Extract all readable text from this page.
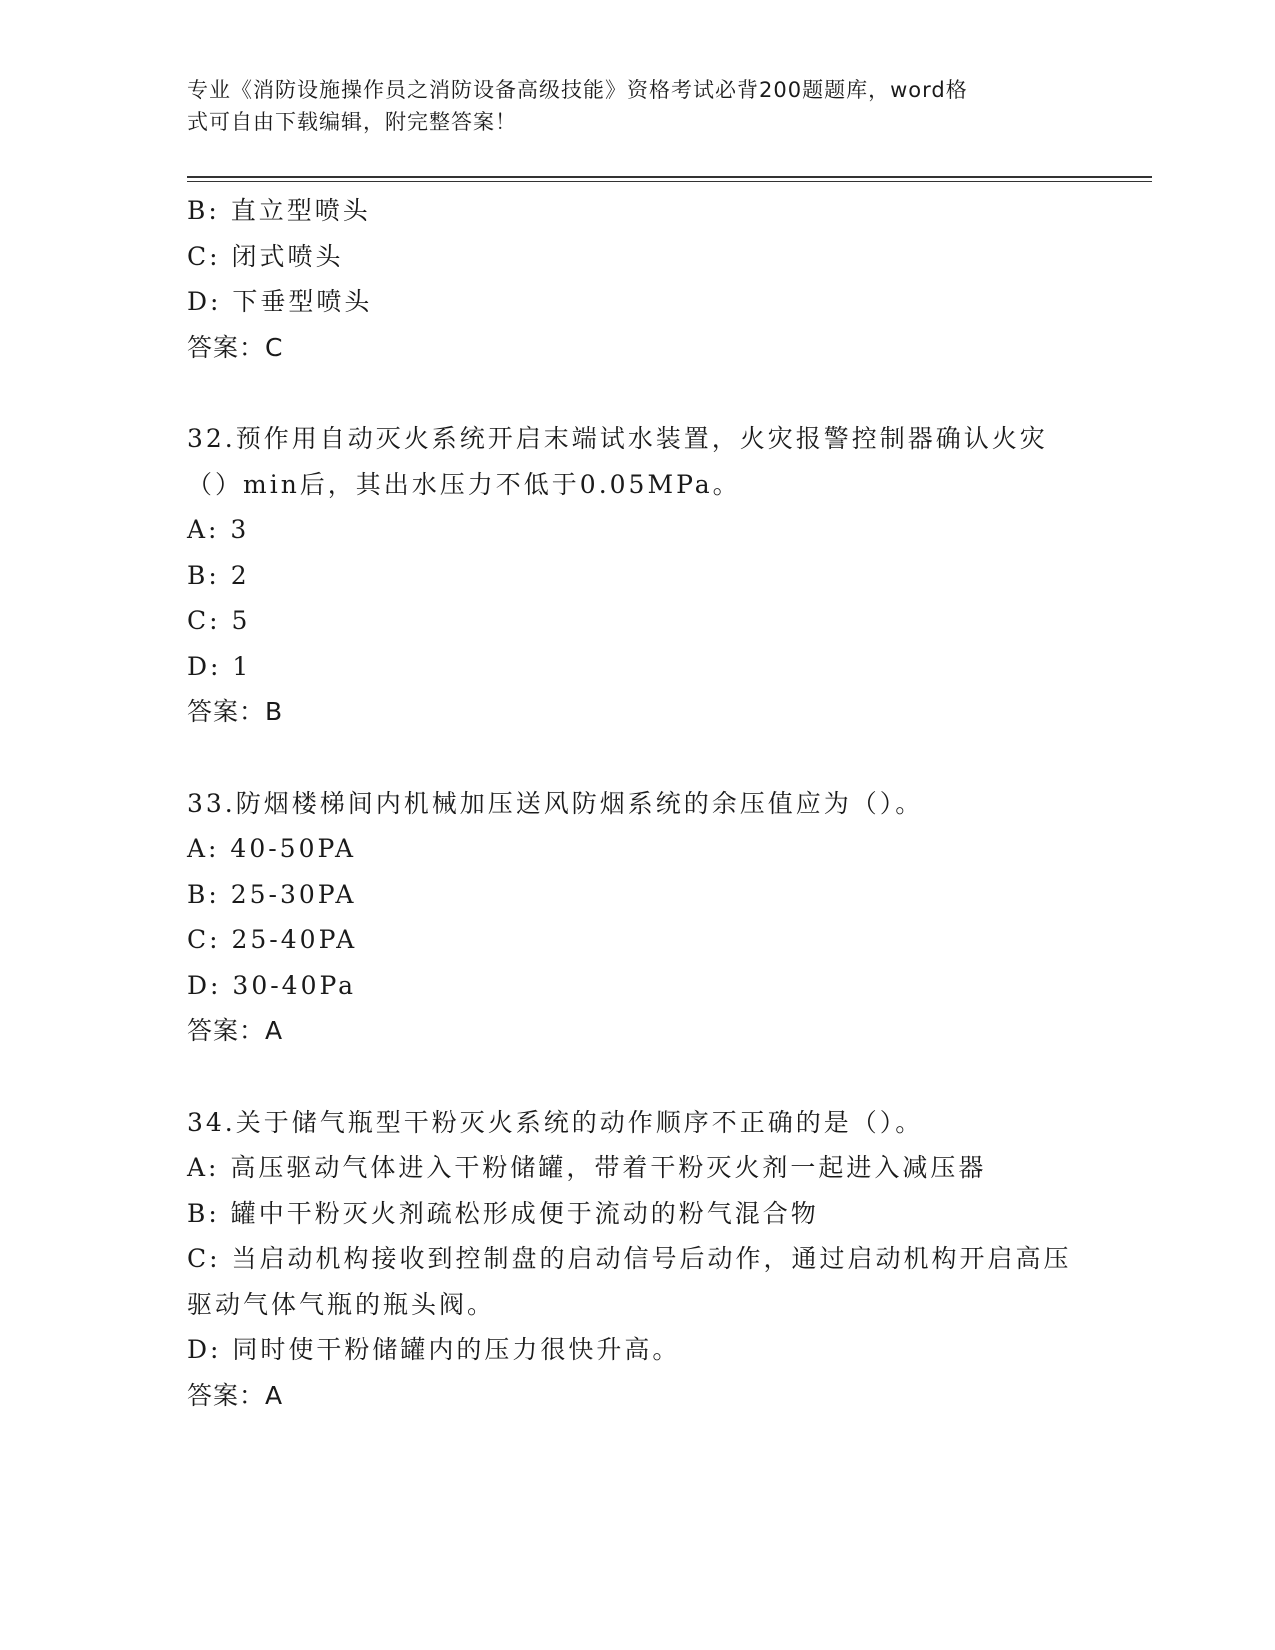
专业《消防设施操作员之消防设备高级技能》资格考试必背200题题库，word格
式可自由下载编辑，附完整答案！
B: 直立型喷头
C: 闭式喷头
D: 下垂型喷头
答案：C
32.预作用自动灭火系统开启末端试水装置，火灾报警控制器确认火灾
（）min后，其出水压力不低于0.05MPa。
A: 3
B: 2
C: 5
D: 1
答案：B
33.防烟楼梯间内机械加压送风防烟系统的余压值应为（）。
A: 40-50PA
B: 25-30PA
C: 25-40PA
D: 30-40Pa
答案：A
34.关于储气瓶型干粉灭火系统的动作顺序不正确的是（）。
A: 高压驱动气体进入干粉储罐，带着干粉灭火剂一起进入减压器
B: 罐中干粉灭火剂疏松形成便于流动的粉气混合物
C: 当启动机构接收到控制盘的启动信号后动作，通过启动机构开启高压驱动气体气瓶的瓶头阀。
D: 同时使干粉储罐内的压力很快升高。
答案：A
